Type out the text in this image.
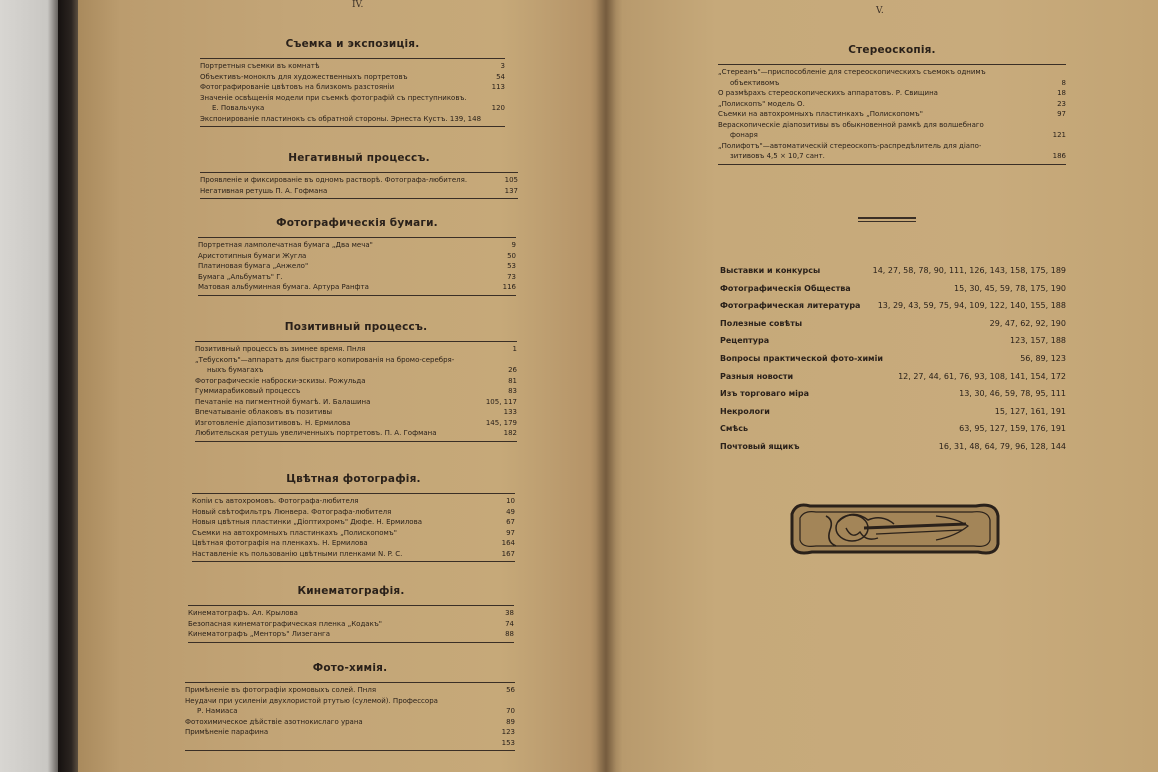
IV.
V.
Съемка и экспозиція.
Портретныя съемки въ комнатѣ	3
Объективъ-моноклъ для художественныхъ портретовъ	54
Фотографированіе цвѣтовъ на близкомъ разстояніи	113
Значеніе освѣщенія модели при съемкѣ фотографій съ преступниковъ.
Е. Повальчука	120
Экспонированіе пластинокъ съ обратной стороны. Эрнеста Кустъ. 139, 148
Негативный процессъ.
Проявленіе и фиксированіе въ одномъ растворѣ. Фотографа-любителя.	105
Негативная ретушь П. А. Гофмана	137
Фотографическія бумаги.
Портретная ламполечатная бумага „Два меча"	9
Аристотипныя бумаги Жугла	50
Платиновая бумага „Анжело"	53
Бумага „Альбуматъ" Г.	73
Матовая альбуминная бумага. Артура Ранфта	116
Позитивный процессъ.
Позитивный процессъ въ зимнее время. Пнля	1
„Тебускопъ"—аппаратъ для быстраго копированія на бромо-серебря-
ныхъ бумагахъ	26
Фотографическіе наброски-эскизы. Рожульда	81
Гуммиарабиковый процессъ	83
Печатаніе на пигментной бумагѣ. И. Балашина	105, 117
Впечатываніе облаковъ въ позитивы	133
Изготовленіе діапозитивовъ. Н. Ермилова	145, 179
Любительская ретушь увеличенныхъ портретовъ. П. А. Гофмана	182
Цвѣтная фотографія.
Копіи съ автохромовъ. Фотографа-любителя	10
Новый свѣтофильтръ Люнвера. Фотографа-любителя	49
Новыя цвѣтныя пластинки „Діоптихромъ" Дюфе. Н. Ермилова	67
Съемки на автохромныхъ пластинкахъ „Полископомъ"	97
Цвѣтная фотографія на пленкахъ. Н. Ермилова	164
Наставленіе къ пользованію цвѣтными пленками N. P. C.	167
Кинематографія.
Кинематографъ. Ал. Крылова	38
Безопасная кинематографическая пленка „Кодакъ"	74
Кинематографъ „Менторъ" Лизеганга	88
Фото-химія.
Примѣненіе въ фотографіи хромовыхъ солей. Пнля	56
Неудачи при усиленіи двухлористой ртутью (сулемой). Профессора
Р. Намиаса	70
Фотохимическое дѣйствіе азотнокислаго урана	89
Примѣненіе парафина	123
153
Стереоскопія.
„Стереанъ"—приспособленіе для стереоскопическихъ съемокъ однимъ
объективомъ	8
О размѣрахъ стереоскопическихъ аппаратовъ. Р. Свищина	18
„Полископъ" модель О.	23
Съемки на автохромныхъ пластинкахъ „Полископомъ"	97
Вераскопическіе діапозитивы въ обыкновенной рамкѣ для волшебнаго
фонаря	121
„Полифотъ"—автоматическій стереоскопъ-распредѣлитель для діапо-
зитивовъ 4,5 × 10,7 сант.	186
Выставки и конкурсы	14, 27, 58, 78, 90, 111, 126, 143, 158, 175, 189
Фотографическія Общества	15, 30, 45, 59, 78, 175, 190
Фотографическая литература	13, 29, 43, 59, 75, 94, 109, 122, 140, 155, 188
Полезные совѣты	29, 47, 62, 92, 190
Рецептура	123, 157, 188
Вопросы практической фото-химіи	56, 89, 123
Разныя новости	12, 27, 44, 61, 76, 93, 108, 141, 154, 172
Изъ торговаго міра	13, 30, 46, 59, 78, 95, 111
Некрологи	15, 127, 161, 191
Смѣсь	63, 95, 127, 159, 176, 191
Почтовый ящикъ	16, 31, 48, 64, 79, 96, 128, 144
